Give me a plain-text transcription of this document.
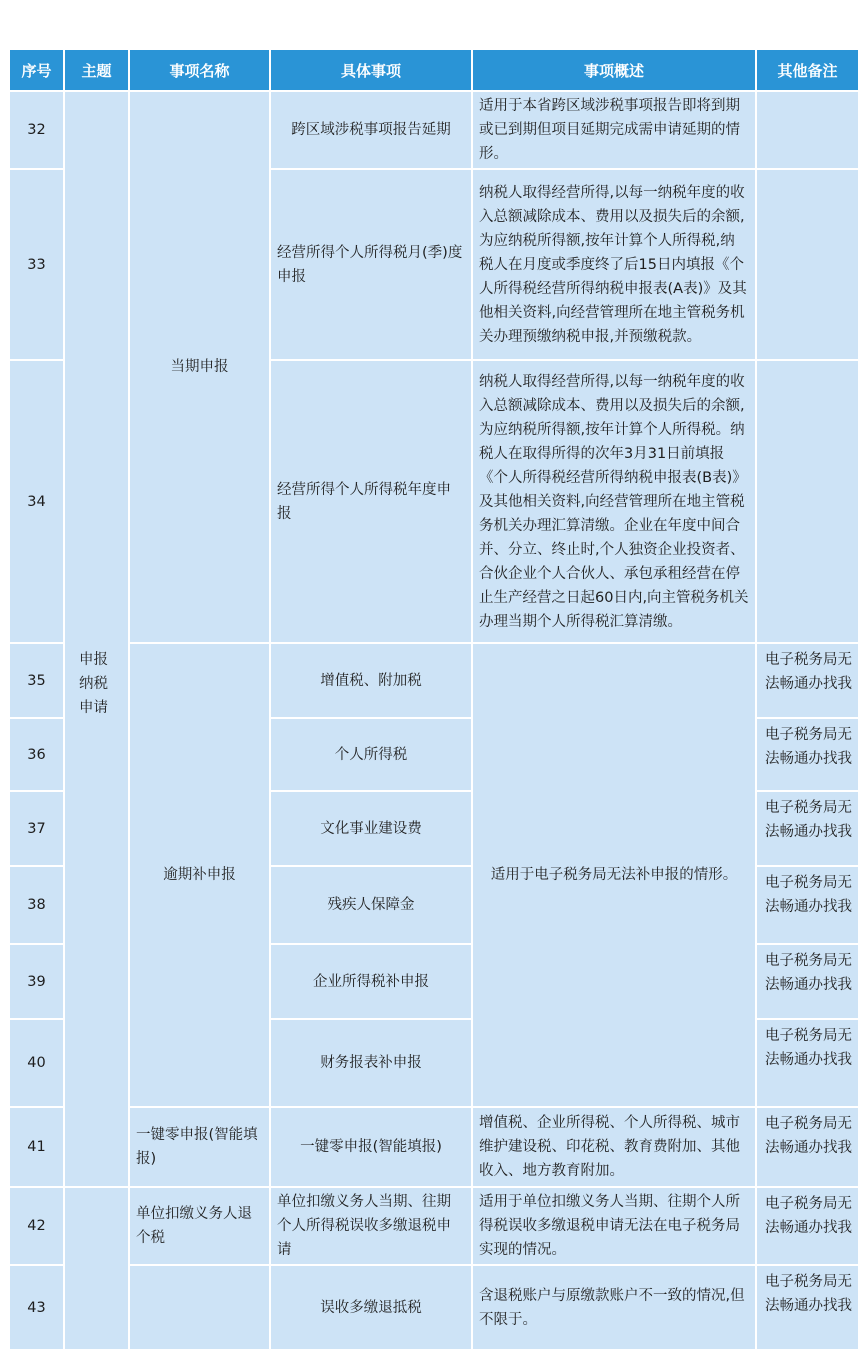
序号	主题	事项名称	具体事项	事项概述	其他备注
32	申报纳税申请	当期申报	跨区域涉税事项报告延期	适用于本省跨区域涉税事项报告即将到期或已到期但项目延期完成需申请延期的情形。	
33			经营所得个人所得税月(季)度申报	纳税人取得经营所得,以每一纳税年度的收入总额减除成本、费用以及损失后的余额,为应纳税所得额,按年计算个人所得税,纳税人在月度或季度终了后15日内填报《个人所得税经营所得纳税申报表(A表)》及其他相关资料,向经营管理所在地主管税务机关办理预缴纳税申报,并预缴税款。	
34			经营所得个人所得税年度申报	纳税人取得经营所得,以每一纳税年度的收入总额减除成本、费用以及损失后的余额,为应纳税所得额,按年计算个人所得税。纳税人在取得所得的次年3月31日前填报《个人所得税经营所得纳税申报表(B表)》及其他相关资料,向经营管理所在地主管税务机关办理汇算清缴。企业在年度中间合并、分立、终止时,个人独资企业投资者、合伙企业个人合伙人、承包承租经营在停止生产经营之日起60日内,向主管税务机关办理当期个人所得税汇算清缴。	
35		逾期补申报	增值税、附加税	适用于电子税务局无法补申报的情形。	电子税务局无法畅通办找我
36			个人所得税		电子税务局无法畅通办找我
37			文化事业建设费		电子税务局无法畅通办找我
38			残疾人保障金		电子税务局无法畅通办找我
39			企业所得税补申报		电子税务局无法畅通办找我
40			财务报表补申报		电子税务局无法畅通办找我
41		一键零申报(智能填报)	一键零申报(智能填报)	增值税、企业所得税、个人所得税、城市维护建设税、印花税、教育费附加、其他收入、地方教育附加。	电子税务局无法畅通办找我
42		单位扣缴义务人退个税	单位扣缴义务人当期、往期个人所得税误收多缴退税申请	适用于单位扣缴义务人当期、往期个人所得税误收多缴退税申请无法在电子税务局实现的情况。	电子税务局无法畅通办找我
43			误收多缴退抵税	含退税账户与原缴款账户不一致的情况,但不限于。	电子税务局无法畅通办找我
